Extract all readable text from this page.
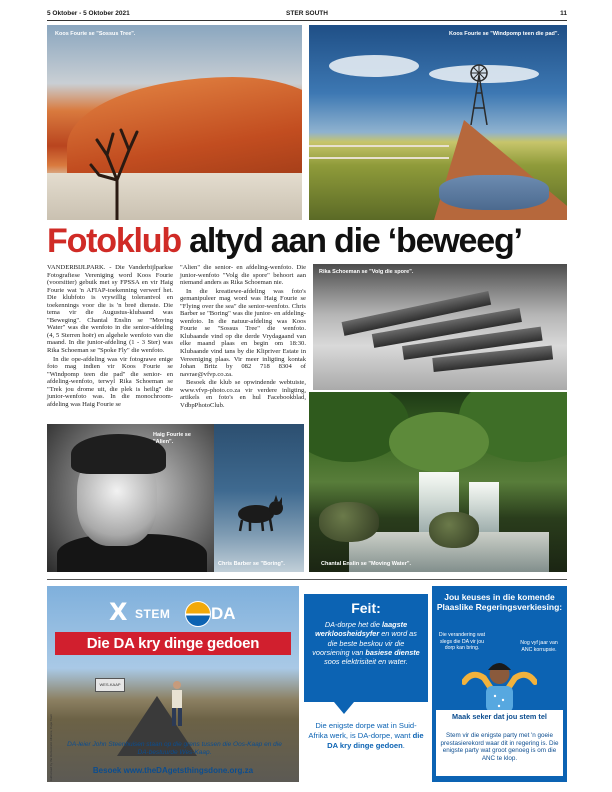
5 Oktober - 5 Oktober 2021	STER SOUTH	11
Koos Fourie se "Sossus Tree".	Koos Fourie se "Windpomp teen die pad".
Fotoklub altyd aan die ‘beweeg’

VANDERBIJLPARK. - Die Vanderbijlparkse Fotografiese Vereniging word Koos Fourie (voorsitter) gebuik met sy FPSSA en vir Haig Fourie wat 'n AFIAP-toekenning verwerf het. Die klubfoto is vrywillig tolerantvol en toekennings voor die is 'n breë dienste. Die tema vir die Augustus-klubaand was "Beweging". Chantal Enslin se "Moving Water" was die wenfoto in die senior-afdeling (4, 5 Sterren hoër) en algehele wenfoto van die maand. In die junior-afdeling (1 - 3 Ster) was Rika Schoeman se "Spoke Fly" die wenfoto.

In die ope-afdeling was vir fotograwe enige foto mag indien vir Koos Fourie se "Windpomp teen die pad" die senior- en afdeling-wenfoto, terwyl Rika Schoeman se "Trek jou drome uit, die plek is heilig" die junior-wenfoto was. In die monochroom-afdeling was Haig Fourie se

"Alien" die senior- en afdeling-wenfoto. Die junior-wenfoto "Volg die spore" behoort aan niemand anders as Rika Schoeman nie.

In die kreatiewe-afdeling was foto's gemanipuleer mag word was Haig Fourie se "Flying over the sea" die senior-wenfoto. Chris Barber se "Boring" was die junior- en afdeling-wenfoto. In die natuur-afdeling was Koos Fourie se "Sossus Tree" die wenfoto. Klubaande vind op die derde Vrydagaand van elke maand plaas en begin om 18:30. Klubaande vind tans by die Klipriver Estate in Vereeniging plaas. Vir meer inligting kontak Johan Britz by 082 718 8304 of navrae@vfvp.co.za.

Besoek die klub se opwindende webtuiste, www.vfvp-photo.co.za vir verdere inligting, artikels en foto's en hul Facebookblad, VdbpPhotoClub.

Rika Schoeman se "Volg die spore".
Haig Fourie se "Alien".
Chris Barber se "Boring".	Chantal Enslin se "Moving Water".
X STEM DA
Die DA kry dinge gedoen
WES-KAAP
Authorised by the Democratic Alliance, Cape Town DA-leier John Steenhuisen staan op die grens tussen die Oos-Kaap en die DA-bestuurde Wes-Kaap.
Besoek www.theDAgetsthingsdone.org.za
Feit:
DA-dorpe het die laagste werkloosheidsyfer en word as die beste beskou vir die voorsiening van basiese dienste soos elektrisiteit en water.
Die enigste dorpe wat in Suid-Afrika werk, is DA-dorpe, want die DA kry dinge gedoen.
Jou keuses in die komende Plaaslike Regeringsverkiesing:
Die verandering wat slegs die DA vir jou dorp kan bring.
Nog vyf jaar van ANC korrupsie.
Maak seker dat jou stem tel
Stem vir die enigste party met 'n goeie prestasierekord waar dit in regering is. Die enigste party wat groot genoeg is om die ANC te klop.
